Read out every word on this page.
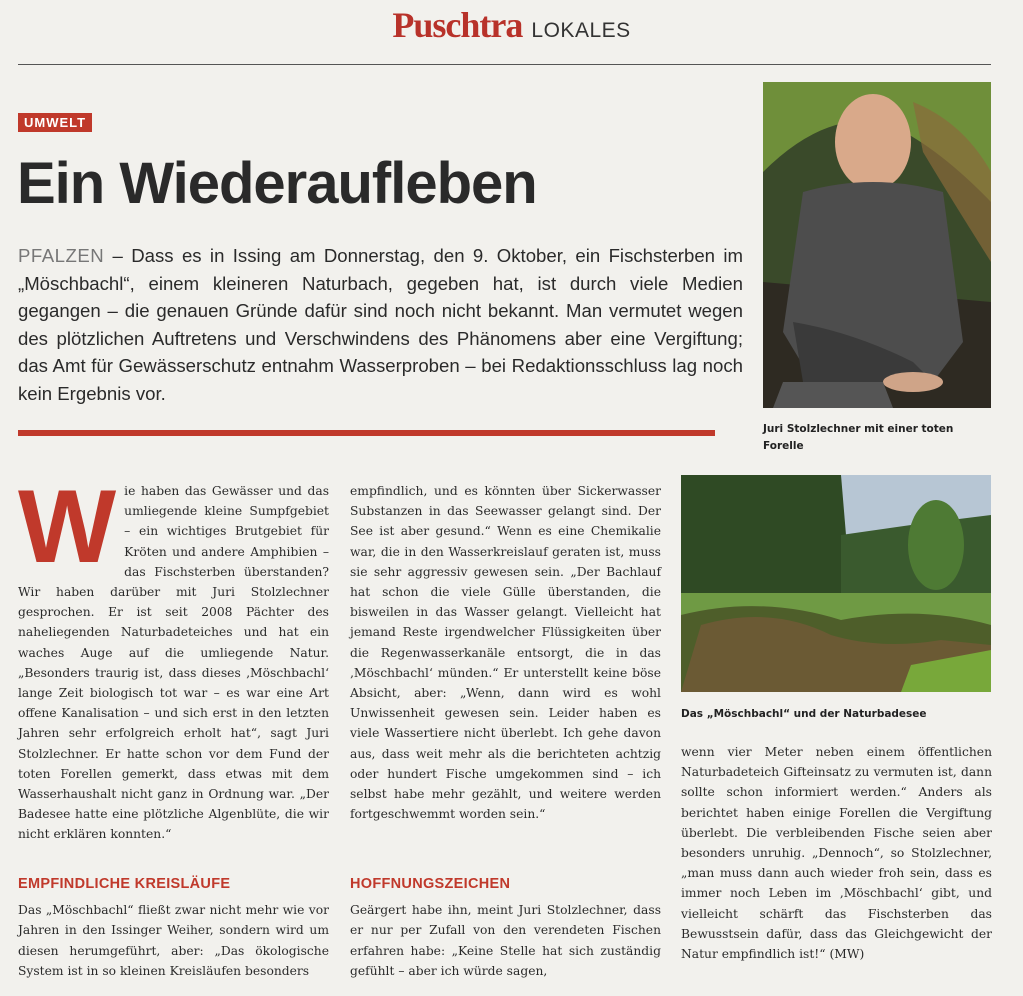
Puschtra LOKALES
UMWELT
Ein Wiederaufleben

PFALZEN – Dass es in Issing am Donnerstag, den 9. Oktober, ein Fischsterben im „Möschbachl“, einem kleineren Naturbach, gegeben hat, ist durch viele Medien gegangen – die genauen Gründe dafür sind noch nicht bekannt. Man vermutet wegen des plötzlichen Auftretens und Verschwindens des Phänomens aber eine Vergiftung; das Amt für Gewässerschutz entnahm Wasserproben – bei Redaktionsschluss lag noch kein Ergebnis vor.

Juri Stolzlechner mit einer toten Forelle

Das „Möschbachl“ und der Naturbadesee

Wie haben das Gewässer und das umliegende kleine Sumpfgebiet – ein wichtiges Brutgebiet für Kröten und andere Amphibien – das Fischsterben überstanden? Wir haben darüber mit Juri Stolzlechner gesprochen. Er ist seit 2008 Pächter des naheliegenden Naturbadeteiches und hat ein waches Auge auf die umliegende Natur. „Besonders traurig ist, dass dieses ‚Möschbachl‘ lange Zeit biologisch tot war – es war eine Art offene Kanalisation – und sich erst in den letzten Jahren sehr erfolgreich erholt hat“, sagt Juri Stolzlechner. Er hatte schon vor dem Fund der toten Forellen gemerkt, dass etwas mit dem Wasserhaushalt nicht ganz in Ordnung war. „Der Badesee hatte eine plötzliche Algenblüte, die wir nicht erklären konnten.“

EMPFINDLICHE KREISLÄUFE

Das „Möschbachl“ fließt zwar nicht mehr wie vor Jahren in den Issinger Weiher, sondern wird um diesen herumgeführt, aber: „Das ökologische System ist in so kleinen Kreisläufen besonders

empfindlich, und es könnten über Sickerwasser Substanzen in das Seewasser gelangt sind. Der See ist aber gesund.“ Wenn es eine Chemikalie war, die in den Wasserkreislauf geraten ist, muss sie sehr aggressiv gewesen sein. „Der Bachlauf hat schon die viele Gülle überstanden, die bisweilen in das Wasser gelangt. Vielleicht hat jemand Reste irgendwelcher Flüssigkeiten über die Regenwasserkanäle entsorgt, die in das ‚Möschbachl‘ münden.“ Er unterstellt keine böse Absicht, aber: „Wenn, dann wird es wohl Unwissenheit gewesen sein. Leider haben es viele Wassertiere nicht überlebt. Ich gehe davon aus, dass weit mehr als die berichteten achtzig oder hundert Fische umgekommen sind – ich selbst habe mehr gezählt, und weitere werden fortgeschwemmt worden sein.“

HOFFNUNGSZEICHEN

Geärgert habe ihn, meint Juri Stolzlechner, dass er nur per Zufall von den verendeten Fischen erfahren habe: „Keine Stelle hat sich zuständig gefühlt – aber ich würde sagen,

wenn vier Meter neben einem öffentlichen Naturbadeteich Gifteinsatz zu vermuten ist, dann sollte schon informiert werden.“ Anders als berichtet haben einige Forellen die Vergiftung überlebt. Die verbleibenden Fische seien aber besonders unruhig. „Dennoch“, so Stolzlechner, „man muss dann auch wieder froh sein, dass es immer noch Leben im ‚Möschbachl‘ gibt, und vielleicht schärft das Fischsterben das Bewusstsein dafür, dass das Gleichgewicht der Natur empfindlich ist!“ (MW)
